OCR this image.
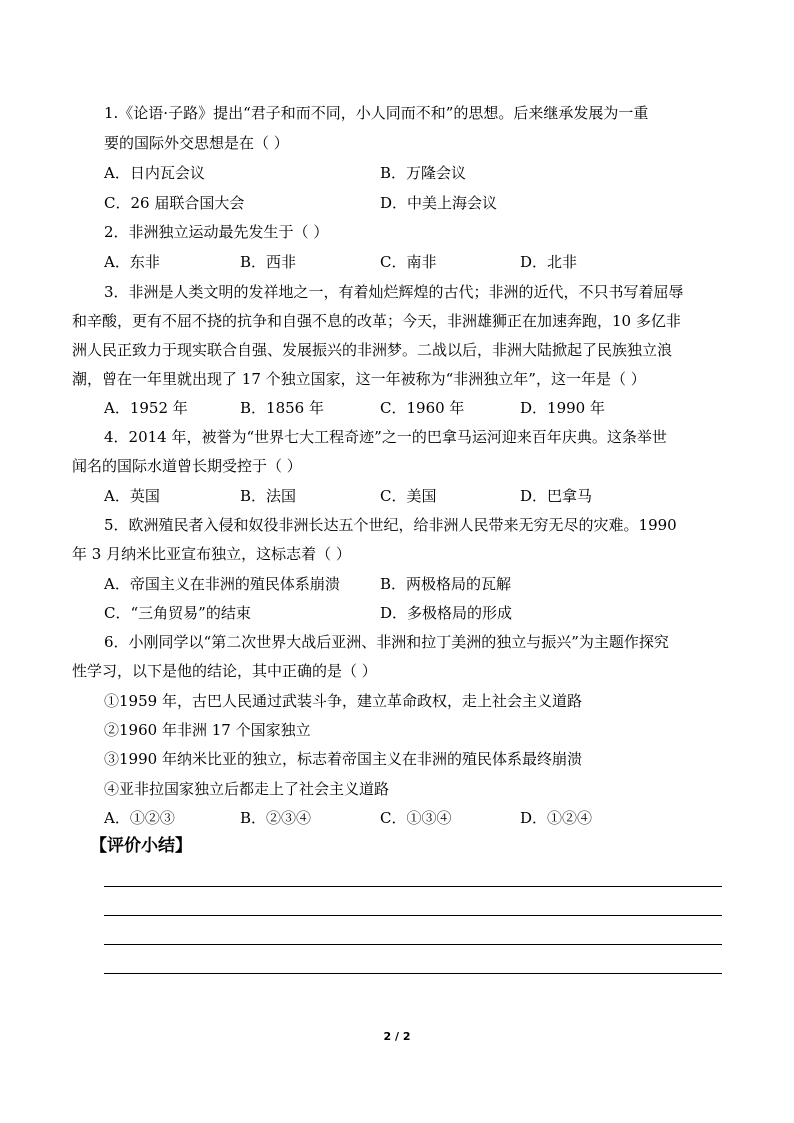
1.《论语·子路》提出“君子和而不同，小人同而不和”的思想。后来继承发展为一重
要的国际外交思想是在（ ）
A．日内瓦会议	B．万隆会议
C．26 届联合国大会	D．中美上海会议
2．非洲独立运动最先发生于（ ）
A．东非	B．西非	C．南非	D．北非
3．非洲是人类文明的发祥地之一，有着灿烂辉煌的古代；非洲的近代，不只书写着屈辱
和辛酸，更有不屈不挠的抗争和自强不息的改革；今天，非洲雄狮正在加速奔跑，10 多亿非
洲人民正致力于现实联合自强、发展振兴的非洲梦。二战以后，非洲大陆掀起了民族独立浪
潮，曾在一年里就出现了 17 个独立国家，这一年被称为“非洲独立年”，这一年是（ ）
A．1952 年	B．1856 年	C．1960 年	D．1990 年
4．2014 年，被誉为“世界七大工程奇迹”之一的巴拿马运河迎来百年庆典。这条举世
闻名的国际水道曾长期受控于（ ）
A．英国	B．法国	C．美国	D．巴拿马
5．欧洲殖民者入侵和奴役非洲长达五个世纪，给非洲人民带来无穷无尽的灾难。1990
年 3 月纳米比亚宣布独立，这标志着（ ）
A．帝国主义在非洲的殖民体系崩溃	B．两极格局的瓦解
C．“三角贸易”的结束	D．多极格局的形成
6．小刚同学以“第二次世界大战后亚洲、非洲和拉丁美洲的独立与振兴”为主题作探究
性学习，以下是他的结论，其中正确的是（ ）
①1959 年，古巴人民通过武装斗争，建立革命政权，走上社会主义道路
②1960 年非洲 17 个国家独立
③1990 年纳米比亚的独立，标志着帝国主义在非洲的殖民体系最终崩溃
④亚非拉国家独立后都走上了社会主义道路
A．①②③	B．②③④	C．①③④	D．①②④
【评价小结】
2 / 2
